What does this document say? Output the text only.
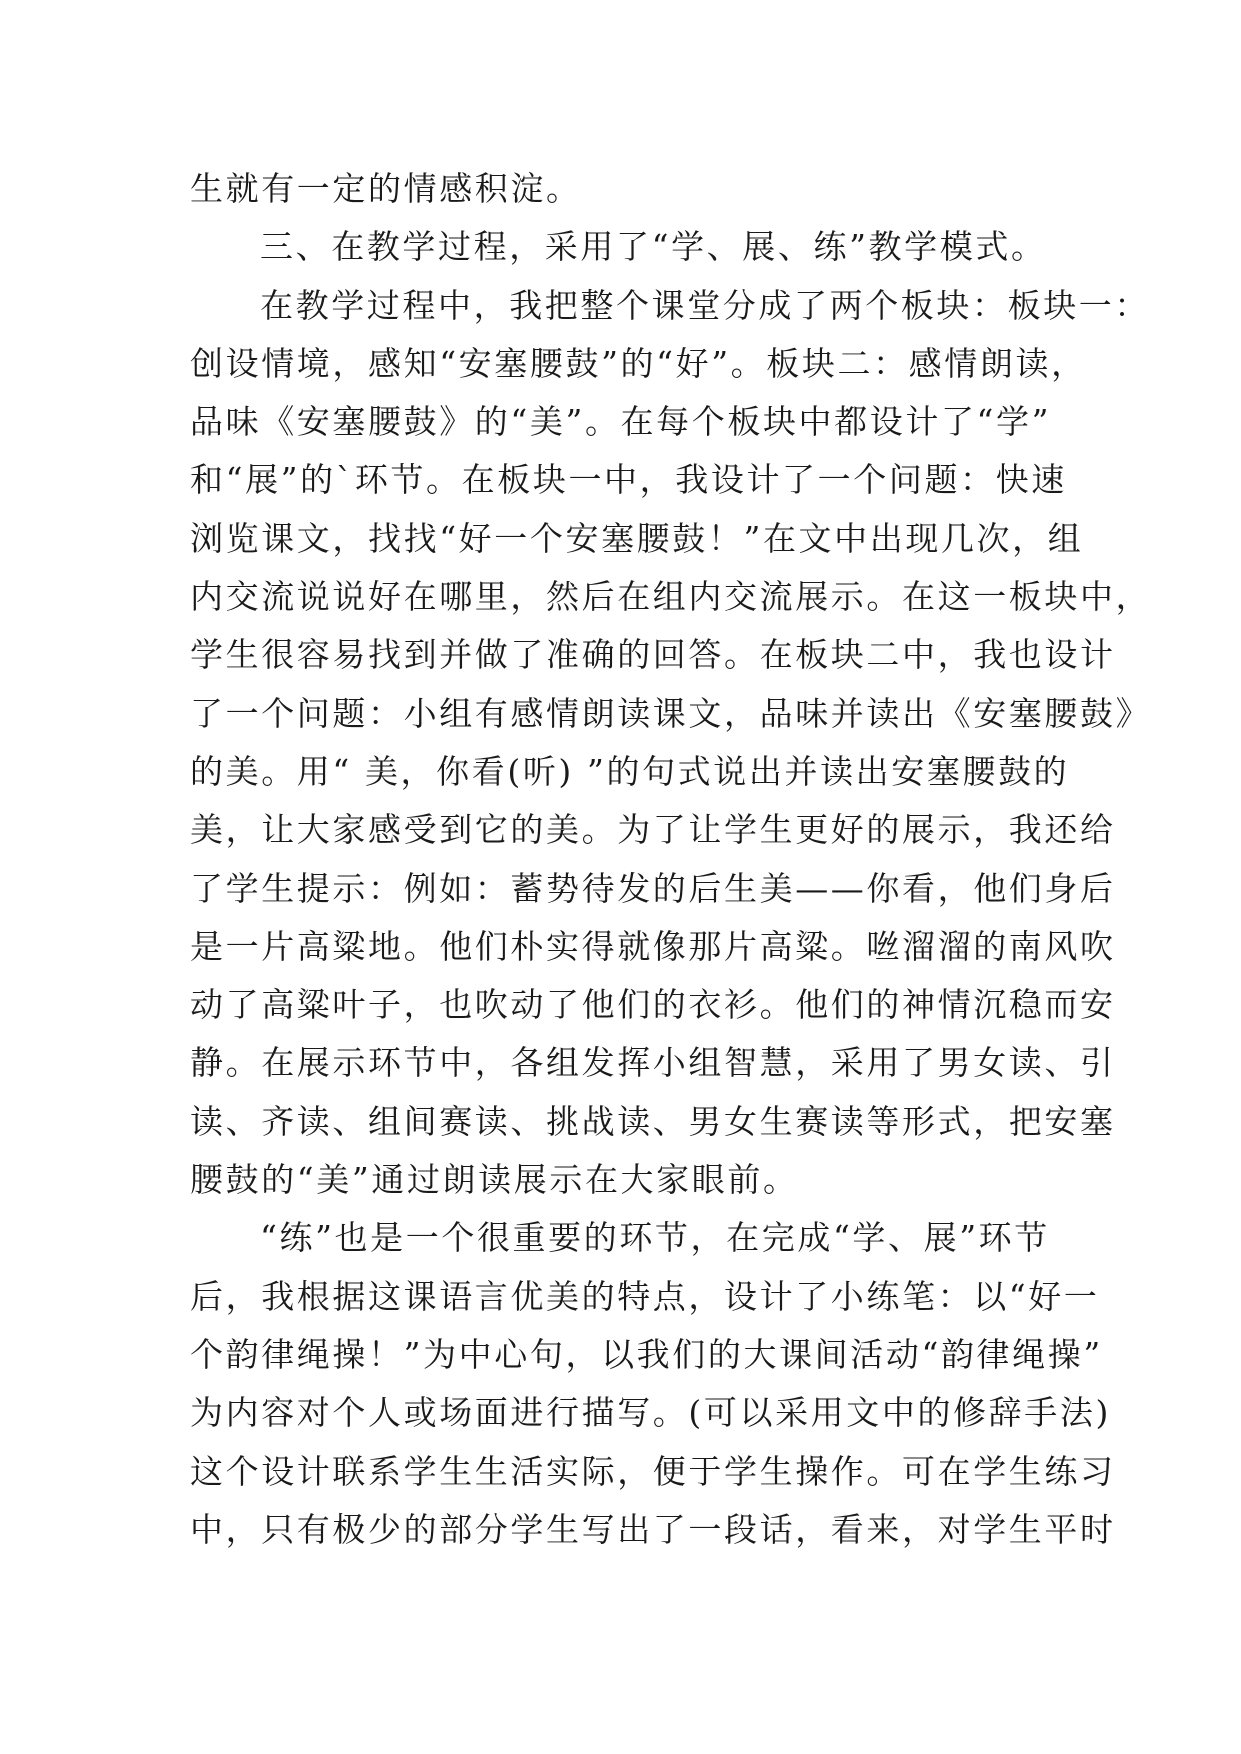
生就有一定的情感积淀。
三、在教学过程，采用了“学、展、练”教学模式。
在教学过程中，我把整个课堂分成了两个板块：板块一：
创设情境，感知“安塞腰鼓”的“好”。板块二：感情朗读，
品味《安塞腰鼓》的“美”。在每个板块中都设计了“学”
和“展”的`环节。在板块一中，我设计了一个问题：快速
浏览课文，找找“好一个安塞腰鼓！”在文中出现几次，组
内交流说说好在哪里，然后在组内交流展示。在这一板块中，
学生很容易找到并做了准确的回答。在板块二中，我也设计
了一个问题：小组有感情朗读课文，品味并读出《安塞腰鼓》
的美。用“ 美，你看(听) ”的句式说出并读出安塞腰鼓的
美，让大家感受到它的美。为了让学生更好的展示，我还给
了学生提示：例如：蓄势待发的后生美——你看，他们身后
是一片高粱地。他们朴实得就像那片高粱。咝溜溜的南风吹
动了高粱叶子，也吹动了他们的衣衫。他们的神情沉稳而安
静。在展示环节中，各组发挥小组智慧，采用了男女读、引
读、齐读、组间赛读、挑战读、男女生赛读等形式，把安塞
腰鼓的“美”通过朗读展示在大家眼前。
“练”也是一个很重要的环节，在完成“学、展”环节
后，我根据这课语言优美的特点，设计了小练笔：以“好一
个韵律绳操！”为中心句，以我们的大课间活动“韵律绳操”
为内容对个人或场面进行描写。(可以采用文中的修辞手法)
这个设计联系学生生活实际，便于学生操作。可在学生练习
中，只有极少的部分学生写出了一段话，看来，对学生平时
